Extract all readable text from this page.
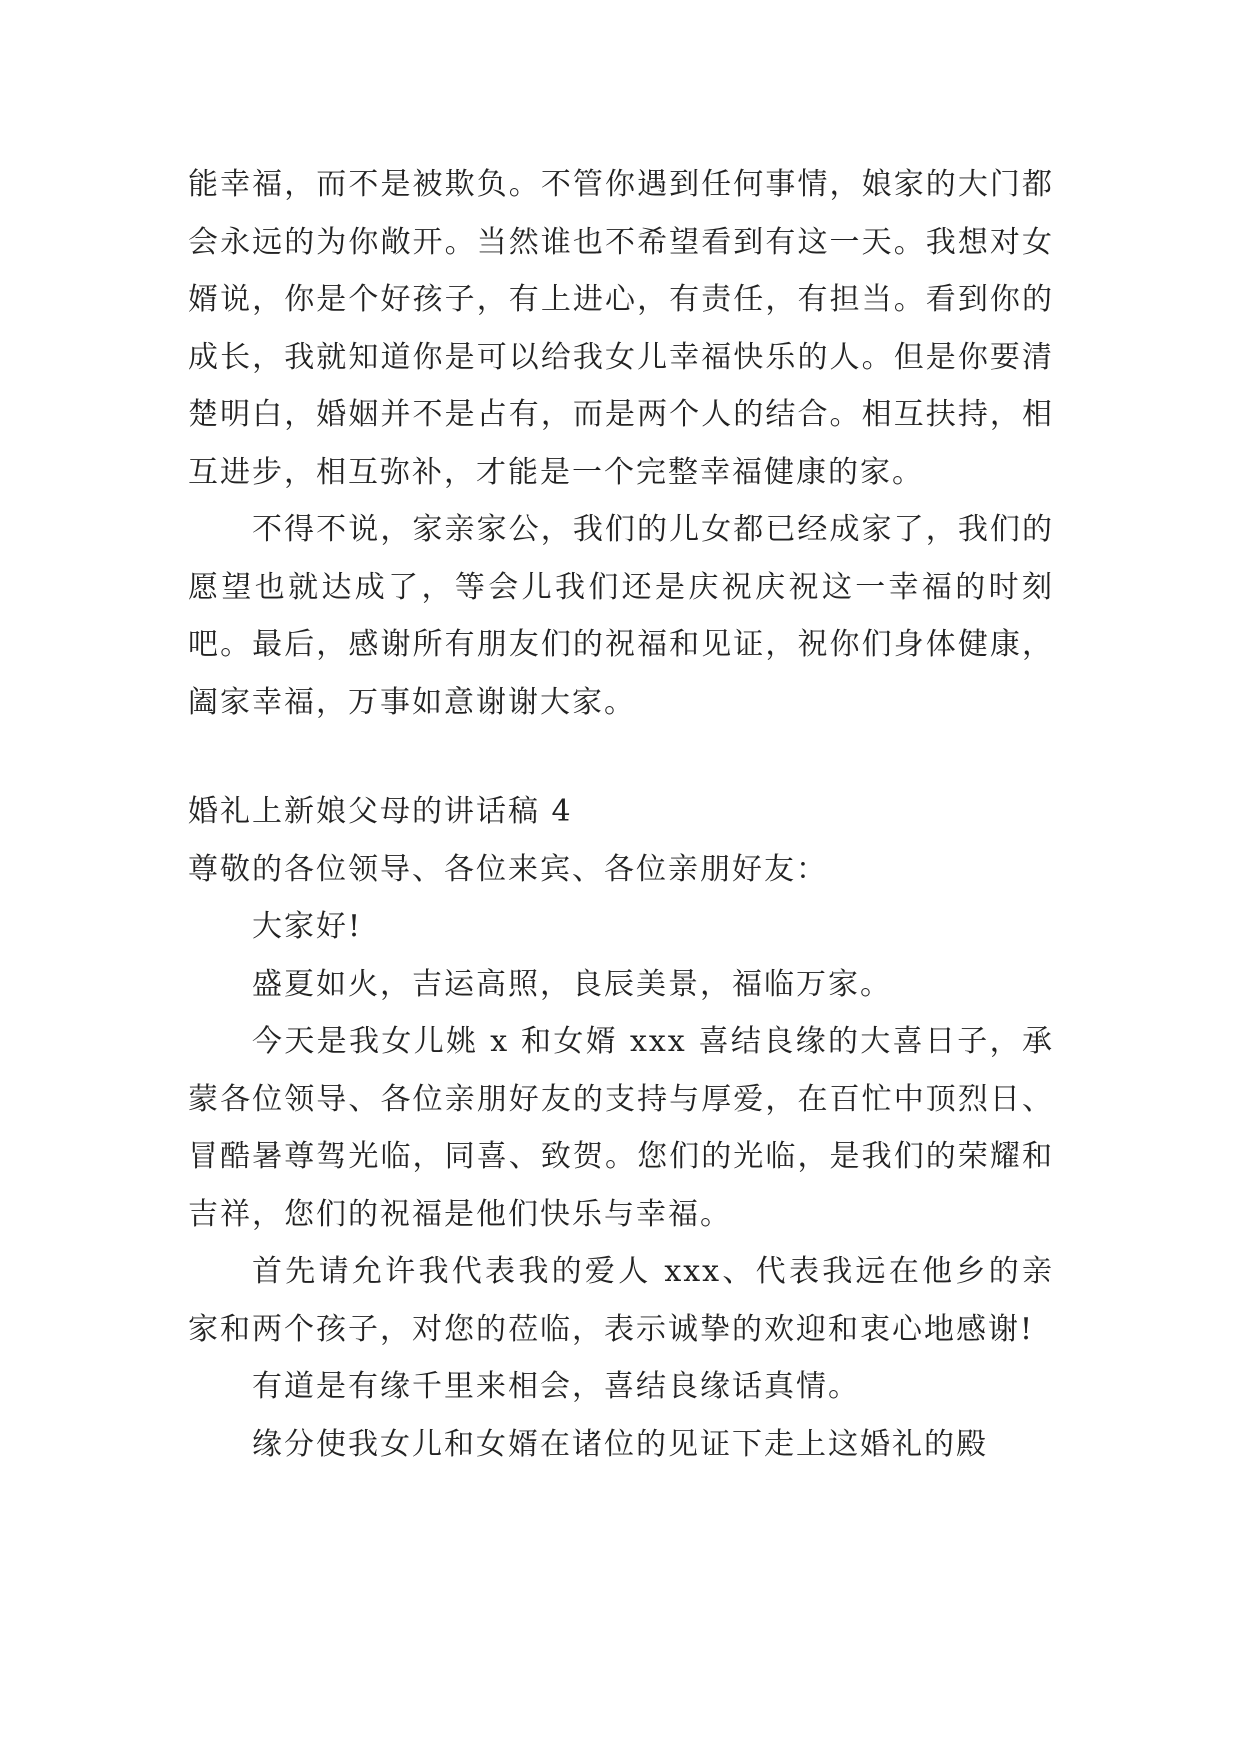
能幸福，而不是被欺负。不管你遇到任何事情，娘家的大门都会永远的为你敞开。当然谁也不希望看到有这一天。我想对女婿说，你是个好孩子，有上进心，有责任，有担当。看到你的成长，我就知道你是可以给我女儿幸福快乐的人。但是你要清楚明白，婚姻并不是占有，而是两个人的结合。相互扶持，相互进步，相互弥补，才能是一个完整幸福健康的家。

不得不说，家亲家公，我们的儿女都已经成家了，我们的愿望也就达成了，等会儿我们还是庆祝庆祝这一幸福的时刻吧。最后，感谢所有朋友们的祝福和见证，祝你们身体健康，阖家幸福，万事如意谢谢大家。

婚礼上新娘父母的讲话稿 4

尊敬的各位领导、各位来宾、各位亲朋好友：

大家好!

盛夏如火，吉运高照，良辰美景，福临万家。

今天是我女儿姚 x 和女婿 xxx 喜结良缘的大喜日子，承蒙各位领导、各位亲朋好友的支持与厚爱，在百忙中顶烈日、冒酷暑尊驾光临，同喜、致贺。您们的光临，是我们的荣耀和吉祥，您们的祝福是他们快乐与幸福。

首先请允许我代表我的爱人 xxx、代表我远在他乡的亲家和两个孩子，对您的莅临，表示诚挚的欢迎和衷心地感谢!

有道是有缘千里来相会，喜结良缘话真情。

缘分使我女儿和女婿在诸位的见证下走上这婚礼的殿
